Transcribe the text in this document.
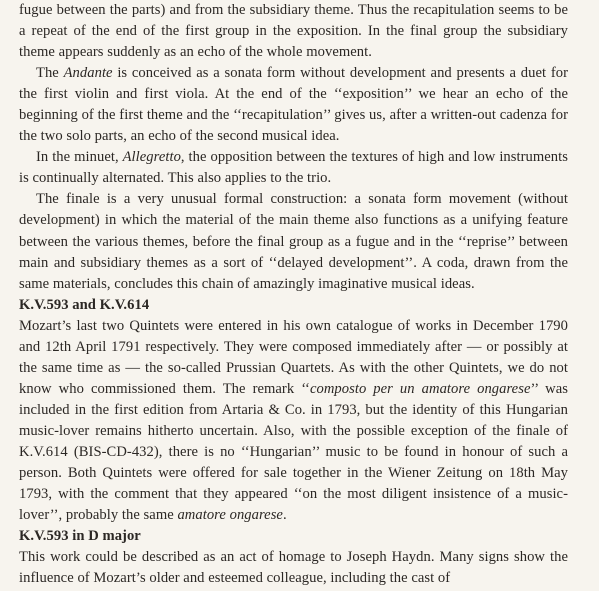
fugue between the parts) and from the subsidiary theme. Thus the recapitulation seems to be a repeat of the end of the first group in the exposition. In the final group the subsidiary theme appears suddenly as an echo of the whole movement.

The Andante is conceived as a sonata form without development and presents a duet for the first violin and first viola. At the end of the ‘‘exposition’’ we hear an echo of the beginning of the first theme and the ‘‘recapitulation’’ gives us, after a written-out cadenza for the two solo parts, an echo of the second musical idea.

In the minuet, Allegretto, the opposition between the textures of high and low instruments is continually alternated. This also applies to the trio.

The finale is a very unusual formal construction: a sonata form movement (without development) in which the material of the main theme also functions as a unifying feature between the various themes, before the final group as a fugue and in the ‘‘reprise’’ between main and subsidiary themes as a sort of ‘‘delayed development’’. A coda, drawn from the same materials, concludes this chain of amazingly imaginative musical ideas.

K.V.593 and K.V.614

Mozart’s last two Quintets were entered in his own catalogue of works in December 1790 and 12th April 1791 respectively. They were composed immediately after — or possibly at the same time as — the so-called Prussian Quartets. As with the other Quintets, we do not know who commissioned them. The remark ‘‘composto per un amatore ongarese’’ was included in the first edition from Artaria & Co. in 1793, but the identity of this Hungarian music-lover remains hitherto uncertain. Also, with the possible exception of the finale of K.V.614 (BIS-CD-432), there is no ‘‘Hungarian’’ music to be found in honour of such a person. Both Quintets were offered for sale together in the Wiener Zeitung on 18th May 1793, with the comment that they appeared ‘‘on the most diligent insistence of a music-lover’’, probably the same amatore ongarese.

K.V.593 in D major

This work could be described as an act of homage to Joseph Haydn. Many signs show the influence of Mozart’s older and esteemed colleague, including the cast of
